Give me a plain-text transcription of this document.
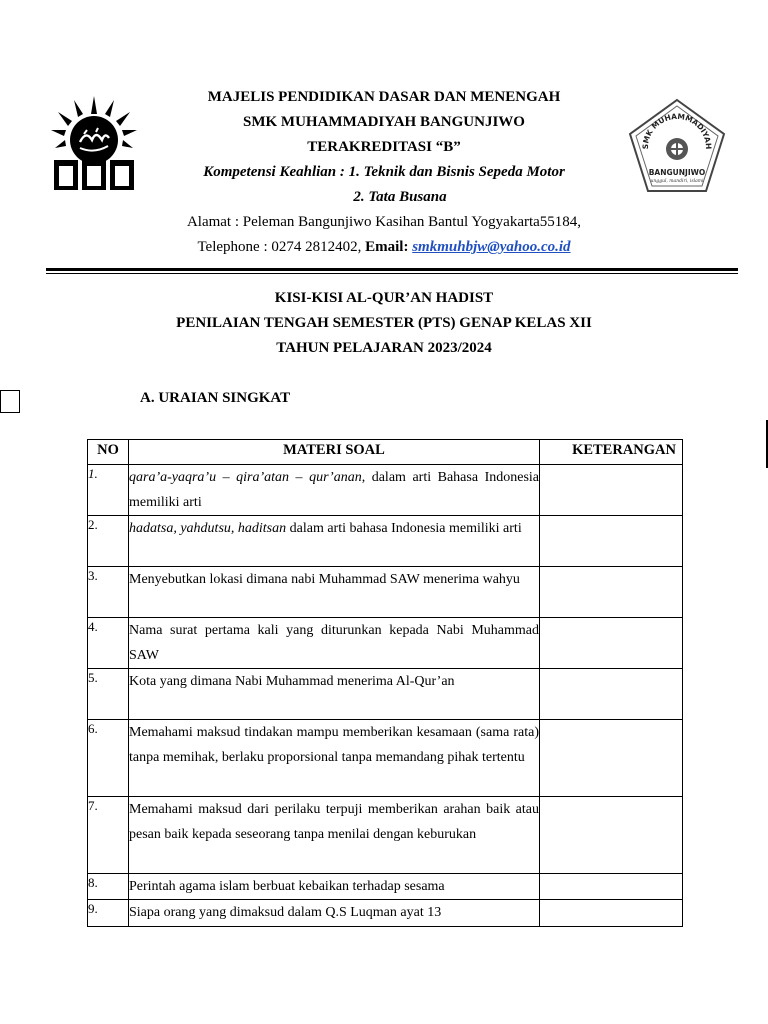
SMK MUHAMMADIYAH
BANGUNJIWO
unggul, mandiri, islami
MAJELIS PENDIDIKAN DASAR DAN MENENGAH
SMK MUHAMMADIYAH BANGUNJIWO
TERAKREDITASI “B”
Kompetensi Keahlian : 1. Teknik dan Bisnis Sepeda Motor
2. Tata Busana
Alamat : Peleman Bangunjiwo Kasihan Bantul Yogyakarta55184,
Telephone : 0274 2812402, Email: smkmuhbjw@yahoo.co.id
KISI-KISI AL-QUR’AN HADIST
PENILAIAN TENGAH SEMESTER (PTS) GENAP KELAS XII
TAHUN PELAJARAN 2023/2024
A. URAIAN SINGKAT
NO	MATERI SOAL	KETERANGAN
1.	qara’a-yaqra’u – qira’atan – qur’anan, dalam arti Bahasa Indonesia memiliki arti	
2.	hadatsa, yahdutsu, haditsan dalam arti bahasa Indonesia memiliki arti	
3.	Menyebutkan lokasi dimana nabi Muhammad SAW menerima wahyu	
4.	Nama surat pertama kali yang diturunkan kepada Nabi Muhammad SAW	
5.	Kota yang dimana Nabi Muhammad menerima Al-Qur’an	
6.	Memahami maksud tindakan mampu memberikan kesamaan (sama rata) tanpa memihak, berlaku proporsional tanpa memandang pihak tertentu	
7.	Memahami maksud dari perilaku terpuji memberikan arahan baik atau pesan baik kepada seseorang tanpa menilai dengan keburukan	
8.	Perintah agama islam berbuat kebaikan terhadap sesama	
9.	Siapa orang yang dimaksud dalam Q.S Luqman ayat 13	
